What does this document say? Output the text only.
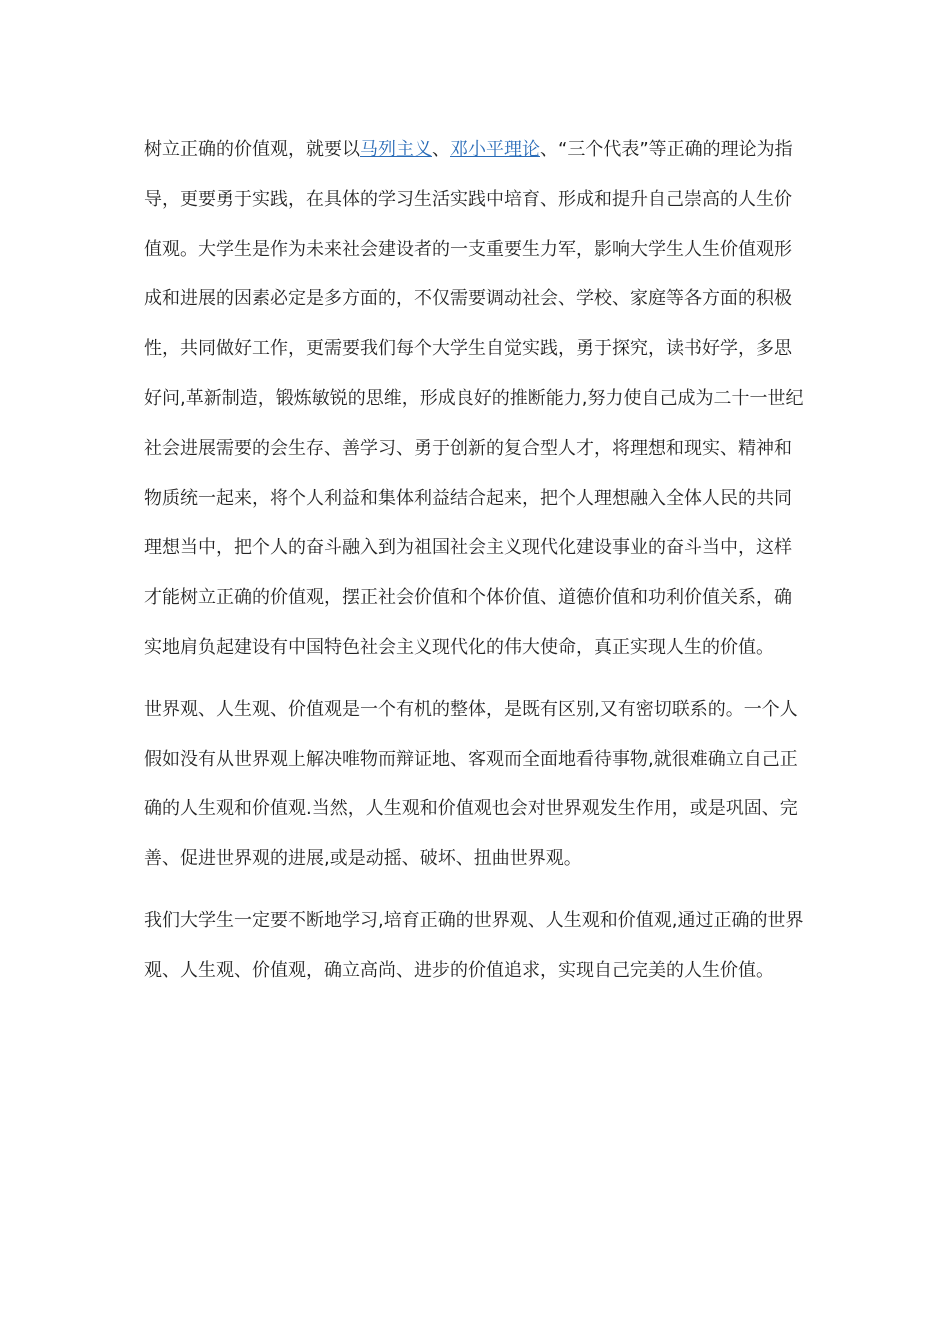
树立正确的价值观，就要以马列主义、邓小平理论、“三个代表”等正确的理论为指导，更要勇于实践，在具体的学习生活实践中培育、形成和提升自己崇高的人生价值观。大学生是作为未来社会建设者的一支重要生力军，影响大学生人生价值观形成和进展的因素必定是多方面的，不仅需要调动社会、学校、家庭等各方面的积极性，共同做好工作，更需要我们每个大学生自觉实践，勇于探究，读书好学，多思好问,革新制造，锻炼敏锐的思维，形成良好的推断能力,努力使自己成为二十一世纪社会进展需要的会生存、善学习、勇于创新的复合型人才，将理想和现实、精神和物质统一起来，将个人利益和集体利益结合起来，把个人理想融入全体人民的共同理想当中，把个人的奋斗融入到为祖国社会主义现代化建设事业的奋斗当中，这样才能树立正确的价值观，摆正社会价值和个体价值、道德价值和功利价值关系，确实地肩负起建设有中国特色社会主义现代化的伟大使命，真正实现人生的价值。

世界观、人生观、价值观是一个有机的整体，是既有区别,又有密切联系的。一个人假如没有从世界观上解决唯物而辩证地、客观而全面地看待事物,就很难确立自己正确的人生观和价值观.当然，人生观和价值观也会对世界观发生作用，或是巩固、完善、促进世界观的进展,或是动摇、破坏、扭曲世界观。

我们大学生一定要不断地学习,培育正确的世界观、人生观和价值观,通过正确的世界观、人生观、价值观，确立高尚、进步的价值追求，实现自己完美的人生价值。
